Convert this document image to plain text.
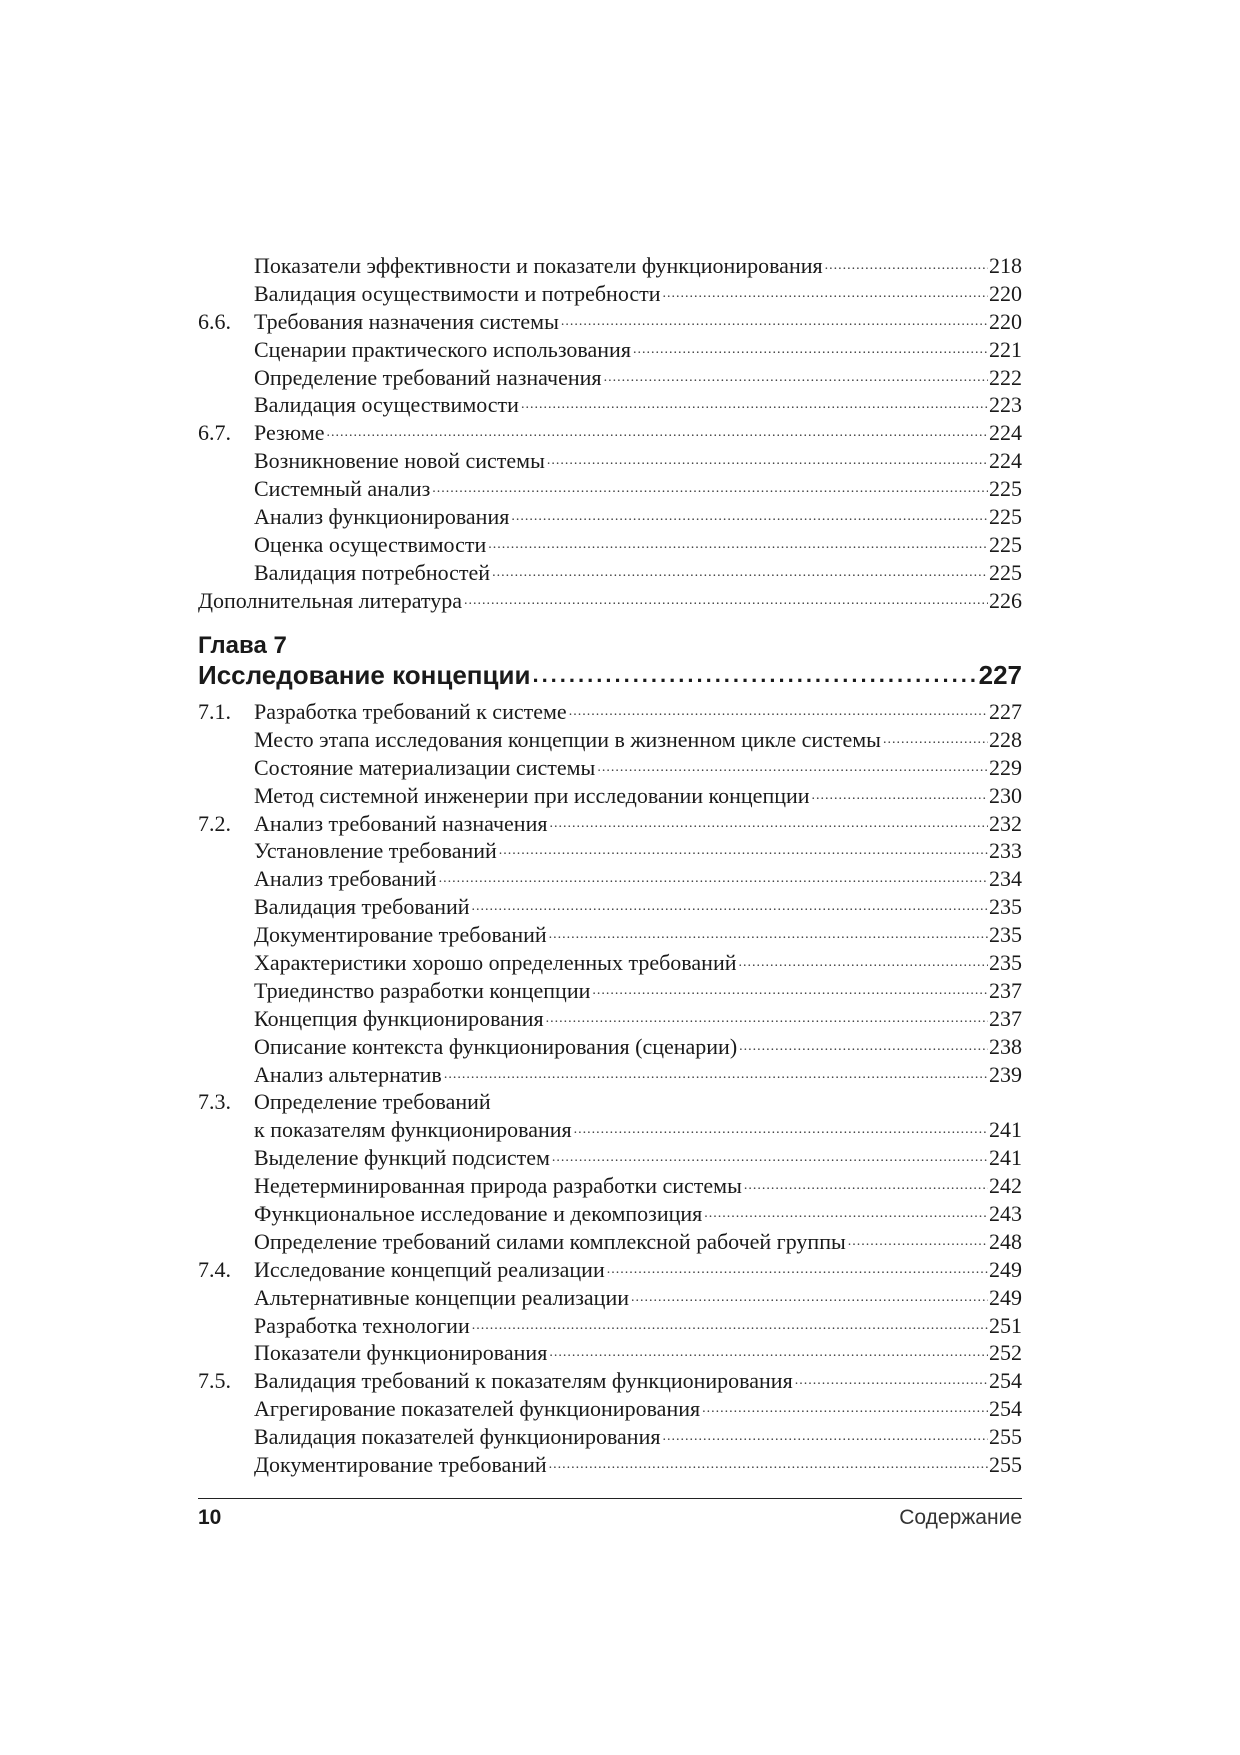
Показатели эффективности и показатели функционирования .....	218
Валидация осуществимости и потребности .....	220
6.6.	Требования назначения системы .....	220
Сценарии практического использования .....	221
Определение требований назначения .....	222
Валидация осуществимости .....	223
6.7.	Резюме .....	224
Возникновение новой системы .....	224
Системный анализ .....	225
Анализ функционирования .....	225
Оценка осуществимости .....	225
Валидация потребностей .....	225
Дополнительная литература .....	226
Глава 7
Исследование концепции .....	227
7.1.	Разработка требований к системе .....	227
Место этапа исследования концепции в жизненном цикле системы .....	228
Состояние материализации системы .....	229
Метод системной инженерии при исследовании концепции .....	230
7.2.	Анализ требований назначения .....	232
Установление требований .....	233
Анализ требований .....	234
Валидация требований .....	235
Документирование требований .....	235
Характеристики хорошо определенных требований .....	235
Триединство разработки концепции .....	237
Концепция функционирования .....	237
Описание контекста функционирования (сценарии) .....	238
Анализ альтернатив .....	239
7.3.	Определение требований
к показателям функционирования .....	241
Выделение функций подсистем .....	241
Недетерминированная природа разработки системы .....	242
Функциональное исследование и декомпозиция .....	243
Определение требований силами комплексной рабочей группы .....	248
7.4.	Исследование концепций реализации .....	249
Альтернативные концепции реализации .....	249
Разработка технологии .....	251
Показатели функционирования .....	252
7.5.	Валидация требований к показателям функционирования .....	254
Агрегирование показателей функционирования .....	254
Валидация показателей функционирования .....	255
Документирование требований .....	255
10	Содержание
